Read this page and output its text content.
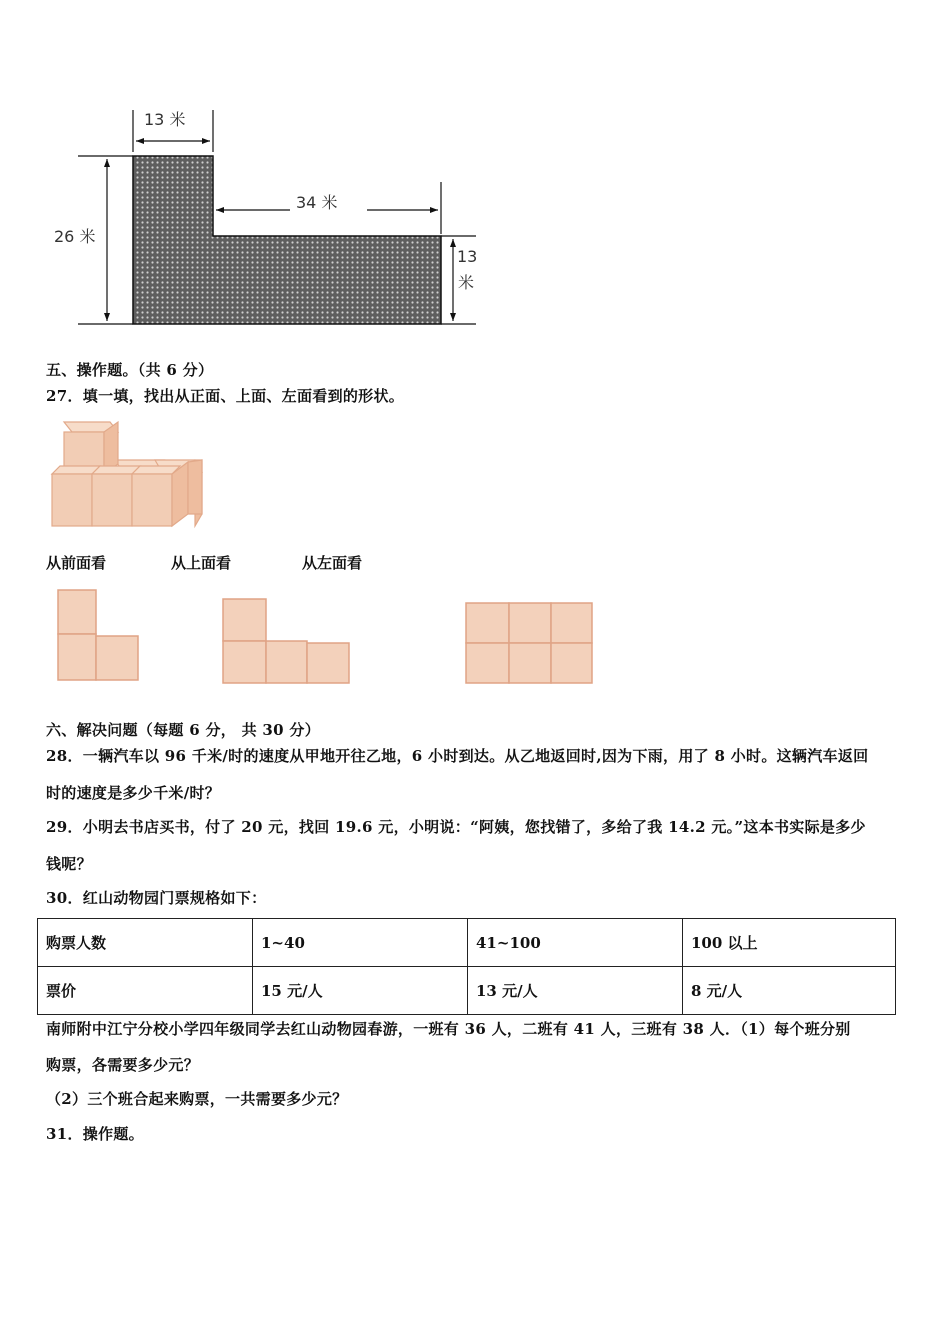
13 米
34 米
26 米
13
米
五、操作题。（共 6 分）
27．填一填，找出从正面、上面、左面看到的形状。
从前面看	从上面看	从左面看
六、解决问题（每题 6 分， 共 30 分）
28．一辆汽车以 96 千米/时的速度从甲地开往乙地，6 小时到达。从乙地返回时,因为下雨，用了 8 小时。这辆汽车返回
时的速度是多少千米/时？
29．小明去书店买书，付了 20 元，找回 19.6 元，小明说：“阿姨，您找错了，多给了我 14.2 元。”这本书实际是多少
钱呢？
30．红山动物园门票规格如下：
购票人数	1~40	41~100	100 以上
票价	15 元/人	13 元/人	8 元/人
南师附中江宁分校小学四年级同学去红山动物园春游，一班有 36 人，二班有 41 人，三班有 38 人．（1）每个班分别
购票，各需要多少元？
（2）三个班合起来购票，一共需要多少元？
31．操作题。
